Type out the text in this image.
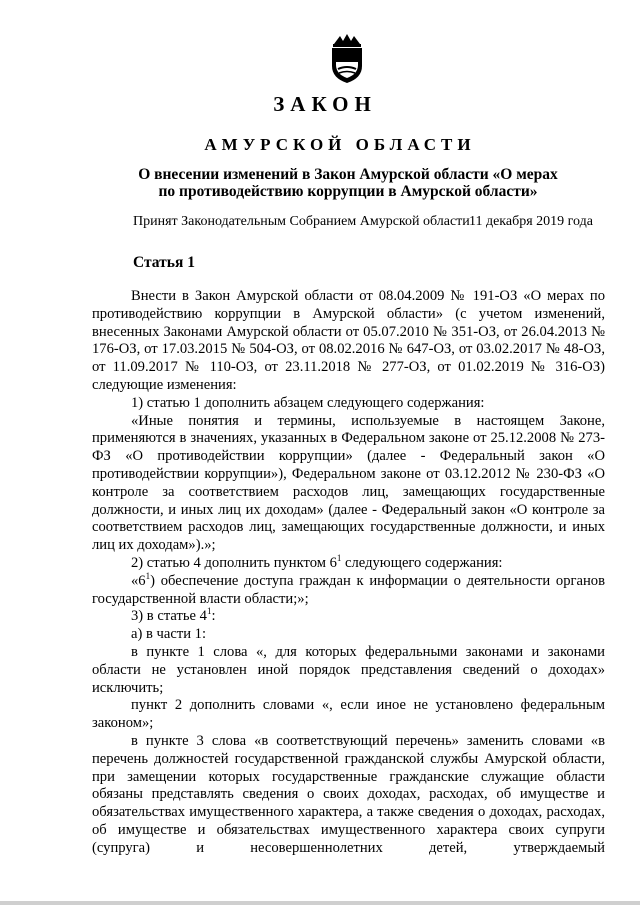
ЗАКОН
АМУРСКОЙ ОБЛАСТИ
О внесении изменений в Закон Амурской области «О мерах
по противодействию коррупции в Амурской области»
Принят Законодательным Собранием Амурской области 11 декабря 2019 года
Статья 1

Внести в Закон Амурской области от 08.04.2009 № 191-ОЗ «О мерах по противодействию коррупции в Амурской области» (с учетом изменений, внесенных Законами Амурской области от 05.07.2010 № 351-ОЗ, от 26.04.2013 № 176-ОЗ, от 17.03.2015 № 504-ОЗ, от 08.02.2016 № 647-ОЗ, от 03.02.2017 № 48-ОЗ, от 11.09.2017 № 110-ОЗ, от 23.11.2018 № 277-ОЗ, от 01.02.2019 № 316-ОЗ) следующие изменения:

1) статью 1 дополнить абзацем следующего содержания:

«Иные понятия и термины, используемые в настоящем Законе, применяются в значениях, указанных в Федеральном законе от 25.12.2008 № 273-ФЗ «О противодействии коррупции» (далее - Федеральный закон «О противодействии коррупции»), Федеральном законе от 03.12.2012 № 230-ФЗ «О контроле за соответствием расходов лиц, замещающих государственные должности, и иных лиц их доходам» (далее - Федеральный закон «О контроле за соответствием расходов лиц, замещающих государственные должности, и иных лиц их доходам»).»;

2) статью 4 дополнить пунктом $6^1$ следующего содержания:

«$6^1$) обеспечение доступа граждан к информации о деятельности органов государственной власти области;»;

3) в статье $4^1$:

а) в части 1:

в пункте 1 слова «, для которых федеральными законами и законами области не установлен иной порядок представления сведений о доходах» исключить;

пункт 2 дополнить словами «, если иное не установлено федеральным законом»;

в пункте 3 слова «в соответствующий перечень» заменить словами «в перечень должностей государственной гражданской службы Амурской области, при замещении которых государственные гражданские служащие области обязаны представлять сведения о своих доходах, расходах, об имуществе и обязательствах имущественного характера, а также сведения о доходах, расходах, об имуществе и обязательствах имущественного характера своих супруги (супруга) и несовершеннолетних детей, утверждаемый
